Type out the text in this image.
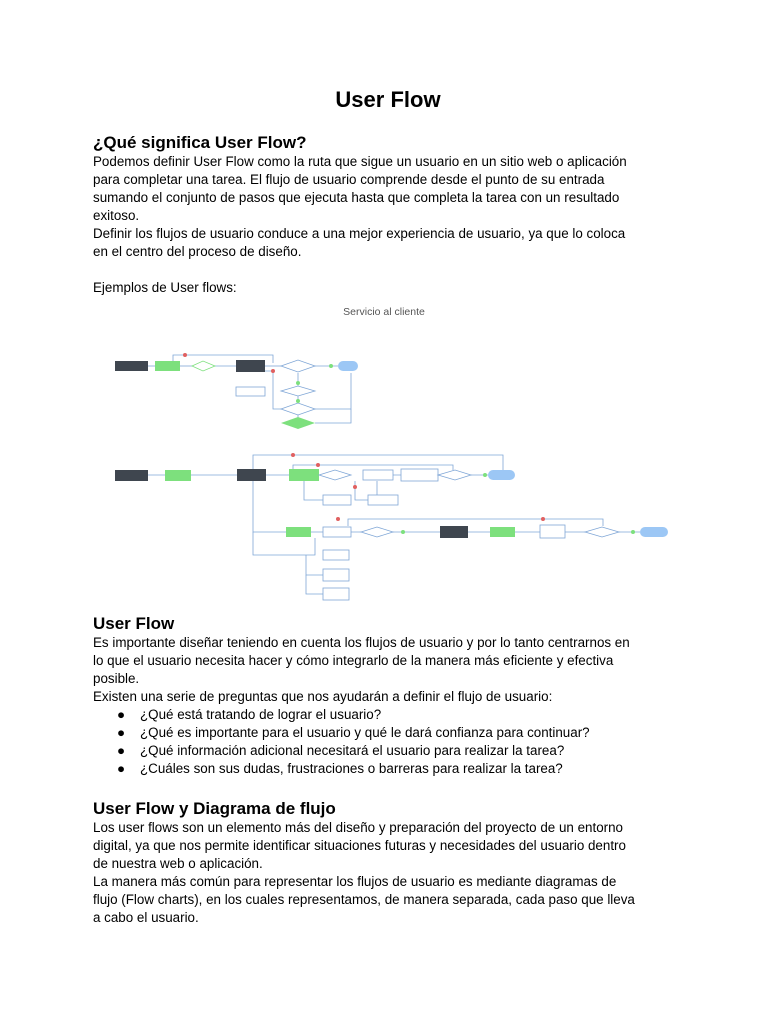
User Flow
¿Qué significa User Flow?

Podemos definir User Flow como la ruta que sigue un usuario en un sitio web o aplicación
para completar una tarea. El flujo de usuario comprende desde el punto de su entrada
sumando el conjunto de pasos que ejecuta hasta que completa la tarea con un resultado
exitoso.

Definir los flujos de usuario conduce a una mejor experiencia de usuario, ya que lo coloca
en el centro del proceso de diseño.

Ejemplos de User flows:

Servicio al cliente
User Flow

Es importante diseñar teniendo en cuenta los flujos de usuario y por lo tanto centrarnos en
lo que el usuario necesita hacer y cómo integrarlo de la manera más eficiente y efectiva
posible.

Existen una serie de preguntas que nos ayudarán a definir el flujo de usuario:

● ¿Qué está tratando de lograr el usuario?
● ¿Qué es importante para el usuario y qué le dará confianza para continuar?
● ¿Qué información adicional necesitará el usuario para realizar la tarea?
● ¿Cuáles son sus dudas, frustraciones o barreras para realizar la tarea?
User Flow y Diagrama de flujo

Los user flows son un elemento más del diseño y preparación del proyecto de un entorno
digital, ya que nos permite identificar situaciones futuras y necesidades del usuario dentro
de nuestra web o aplicación.

La manera más común para representar los flujos de usuario es mediante diagramas de
flujo (Flow charts), en los cuales representamos, de manera separada, cada paso que lleva
a cabo el usuario.
